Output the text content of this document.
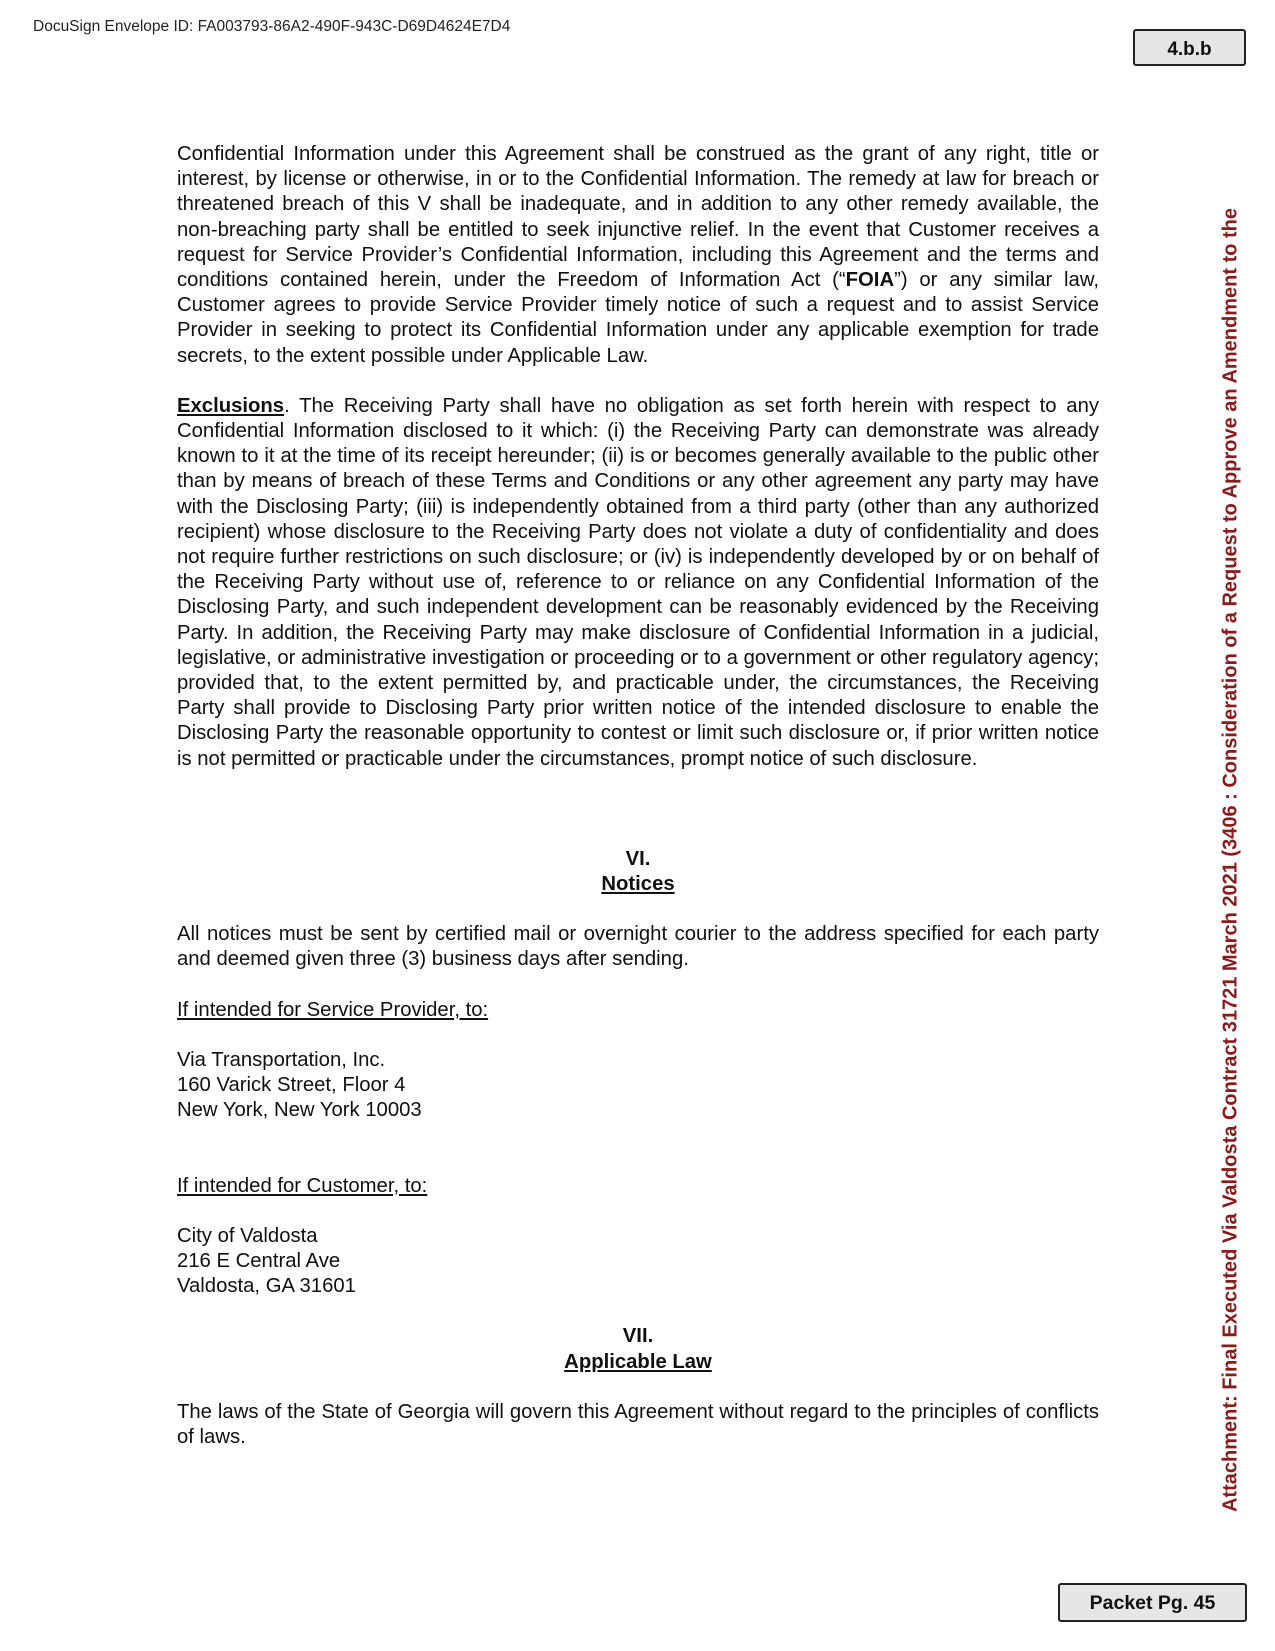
DocuSign Envelope ID: FA003793-86A2-490F-943C-D69D4624E7D4
4.b.b
Attachment: Final Executed Via Valdosta Contract 31721 March 2021 (3406 : Consideration of a Request to Approve an Amendment to the

Confidential Information under this Agreement shall be construed as the grant of any right, title or interest, by license or otherwise, in or to the Confidential Information. The remedy at law for breach or threatened breach of this V shall be inadequate, and in addition to any other remedy available, the non-breaching party shall be entitled to seek injunctive relief. In the event that Customer receives a request for Service Provider’s Confidential Information, including this Agreement and the terms and conditions contained herein, under the Freedom of Information Act (“FOIA”) or any similar law, Customer agrees to provide Service Provider timely notice of such a request and to assist Service Provider in seeking to protect its Confidential Information under any applicable exemption for trade secrets, to the extent possible under Applicable Law.

Exclusions. The Receiving Party shall have no obligation as set forth herein with respect to any Confidential Information disclosed to it which: (i) the Receiving Party can demonstrate was already known to it at the time of its receipt hereunder; (ii) is or becomes generally available to the public other than by means of breach of these Terms and Conditions or any other agreement any party may have with the Disclosing Party; (iii) is independently obtained from a third party (other than any authorized recipient) whose disclosure to the Receiving Party does not violate a duty of confidentiality and does not require further restrictions on such disclosure; or (iv) is independently developed by or on behalf of the Receiving Party without use of, reference to or reliance on any Confidential Information of the Disclosing Party, and such independent development can be reasonably evidenced by the Receiving Party. In addition, the Receiving Party may make disclosure of Confidential Information in a judicial, legislative, or administrative investigation or proceeding or to a government or other regulatory agency; provided that, to the extent permitted by, and practicable under, the circumstances, the Receiving Party shall provide to Disclosing Party prior written notice of the intended disclosure to enable the Disclosing Party the reasonable opportunity to contest or limit such disclosure or, if prior written notice is not permitted or practicable under the circumstances, prompt notice of such disclosure.

VI.
Notices

All notices must be sent by certified mail or overnight courier to the address specified for each party and deemed given three (3) business days after sending.

If intended for Service Provider, to:

Via Transportation, Inc.
160 Varick Street, Floor 4
New York, New York 10003

If intended for Customer, to:

City of Valdosta
216 E Central Ave
Valdosta, GA 31601

VII.
Applicable Law

The laws of the State of Georgia will govern this Agreement without regard to the principles of conflicts of laws.

Packet Pg. 45
